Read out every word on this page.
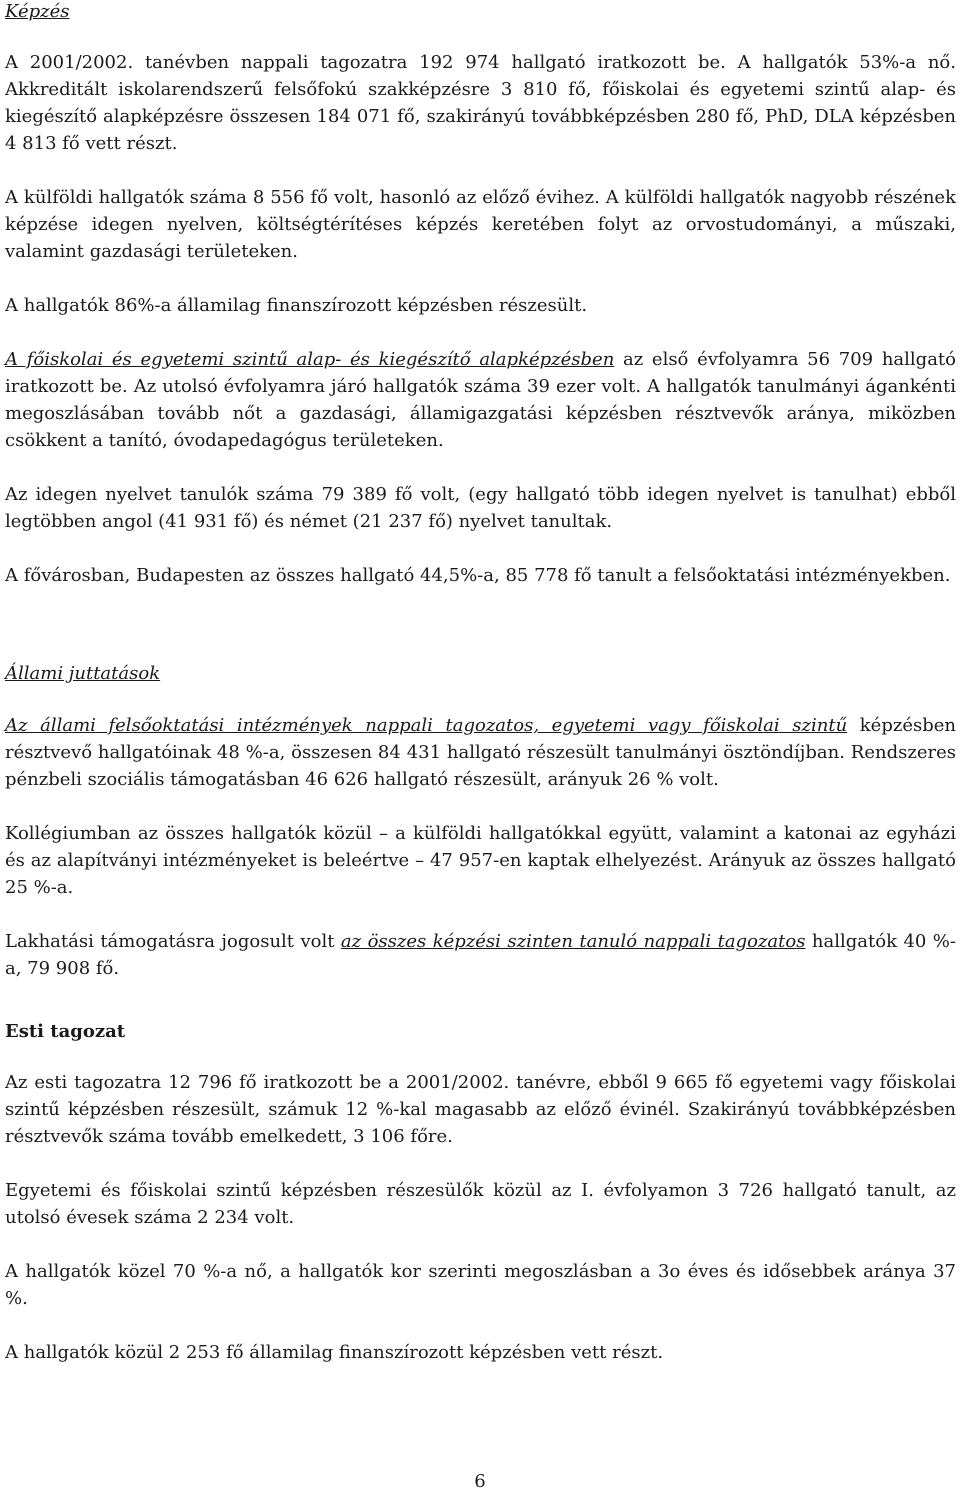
Képzés

A 2001/2002. tanévben nappali tagozatra 192 974 hallgató iratkozott be. A hallgatók 53%-a nő. Akkreditált iskolarendszerű felsőfokú szakképzésre 3 810 fő, főiskolai és egyetemi szintű alap- és kiegészítő alapképzésre összesen 184 071 fő, szakirányú továbbképzésben 280 fő, PhD, DLA képzésben 4 813 fő vett részt.

A külföldi hallgatók száma 8 556 fő volt, hasonló az előző évihez. A külföldi hallgatók nagyobb részének képzése idegen nyelven, költségtérítéses képzés keretében folyt az orvostudományi, a műszaki, valamint gazdasági területeken.

A hallgatók 86%-a államilag finanszírozott képzésben részesült.

A főiskolai és egyetemi szintű alap- és kiegészítő alapképzésben az első évfolyamra 56 709 hallgató iratkozott be. Az utolsó évfolyamra járó hallgatók száma 39 ezer volt. A hallgatók tanulmányi ágankénti megoszlásában tovább nőt a gazdasági, államigazgatási képzésben résztvevők aránya, miközben csökkent a tanító, óvodapedagógus területeken.

Az idegen nyelvet tanulók száma 79 389 fő volt, (egy hallgató több idegen nyelvet is tanulhat) ebből legtöbben angol (41 931 fő) és német (21 237 fő) nyelvet tanultak.

A fővárosban, Budapesten az összes hallgató 44,5%-a, 85 778 fő tanult a felsőoktatási intézményekben.

Állami juttatások

Az állami felsőoktatási intézmények nappali tagozatos, egyetemi vagy főiskolai szintű képzésben résztvevő hallgatóinak 48 %-a, összesen 84 431 hallgató részesült tanulmányi ösztöndíjban. Rendszeres pénzbeli szociális támogatásban 46 626 hallgató részesült, arányuk 26 % volt.

Kollégiumban az összes hallgatók közül – a külföldi hallgatókkal együtt, valamint a katonai az egyházi és az alapítványi intézményeket is beleértve – 47 957-en kaptak elhelyezést. Arányuk az összes hallgató 25 %-a.

Lakhatási támogatásra jogosult volt az összes képzési szinten tanuló nappali tagozatos hallgatók 40 %-a, 79 908 fő.

Esti tagozat

Az esti tagozatra 12 796 fő iratkozott be a 2001/2002. tanévre, ebből 9 665 fő egyetemi vagy főiskolai szintű képzésben részesült, számuk 12 %-kal magasabb az előző évinél. Szakirányú továbbképzésben résztvevők száma tovább emelkedett, 3 106 főre.

Egyetemi és főiskolai szintű képzésben részesülők közül az I. évfolyamon 3 726 hallgató tanult, az utolsó évesek száma 2 234 volt.

A hallgatók közel 70 %-a nő, a hallgatók kor szerinti megoszlásban a 3o éves és idősebbek aránya 37 %.

A hallgatók közül 2 253 fő államilag finanszírozott képzésben vett részt.

6
